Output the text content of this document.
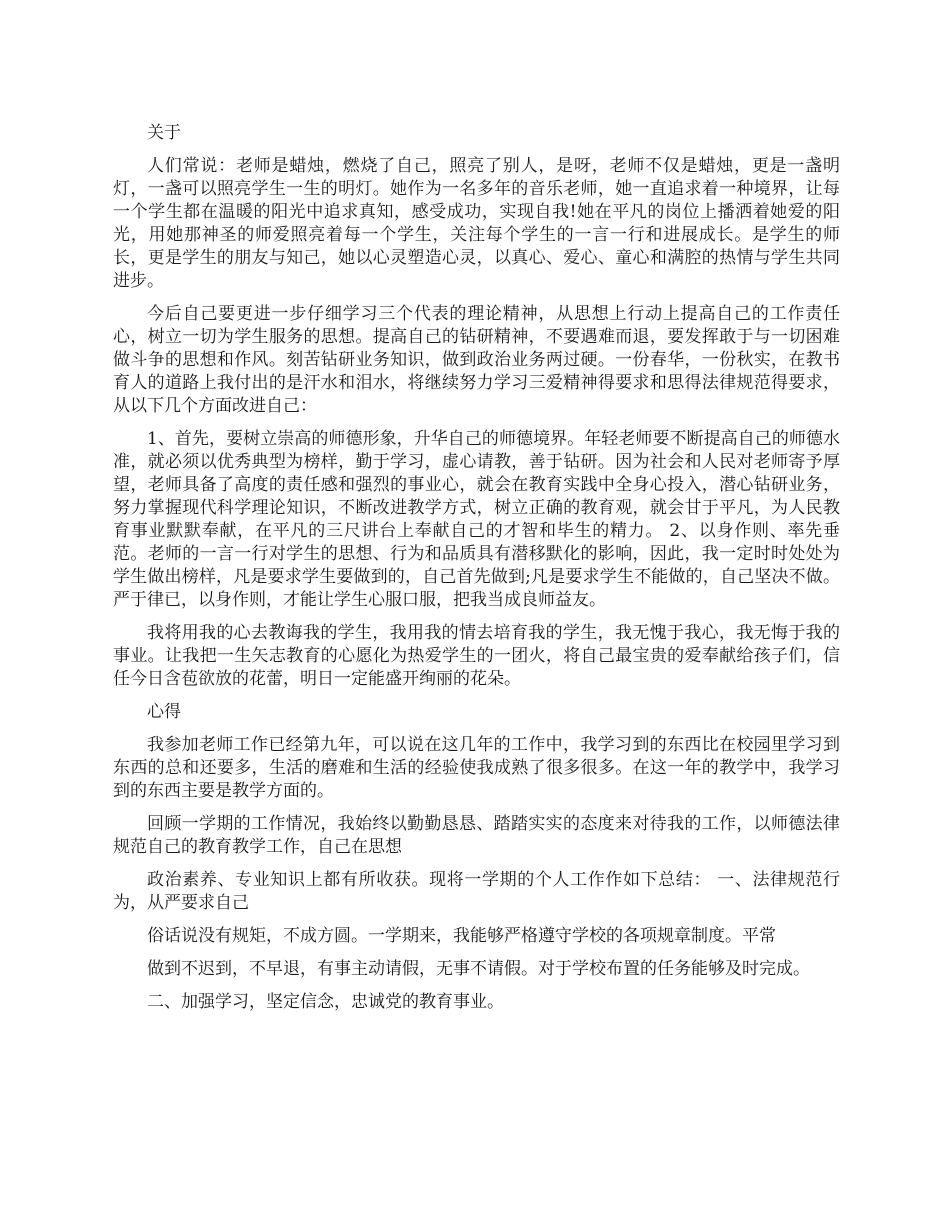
关于

人们常说：老师是蜡烛，燃烧了自己，照亮了别人，是呀，老师不仅是蜡烛，更是一盏明灯，一盏可以照亮学生一生的明灯。她作为一名多年的音乐老师，她一直追求着一种境界，让每一个学生都在温暖的阳光中追求真知，感受成功，实现自我!她在平凡的岗位上播洒着她爱的阳光，用她那神圣的师爱照亮着每一个学生，关注每个学生的一言一行和进展成长。是学生的师长，更是学生的朋友与知己，她以心灵塑造心灵，以真心、爱心、童心和满腔的热情与学生共同进步。

今后自己要更进一步仔细学习三个代表的理论精神，从思想上行动上提高自己的工作责任心，树立一切为学生服务的思想。提高自己的钻研精神，不要遇难而退，要发挥敢于与一切困难做斗争的思想和作风。刻苦钻研业务知识，做到政治业务两过硬。一份春华，一份秋实，在教书育人的道路上我付出的是汗水和泪水，将继续努力学习三爱精神得要求和思得法律规范得要求，从以下几个方面改进自己：

1、首先，要树立崇高的师德形象，升华自己的师德境界。年轻老师要不断提高自己的师德水准，就必须以优秀典型为榜样，勤于学习，虚心请教，善于钻研。因为社会和人民对老师寄予厚望，老师具备了高度的责任感和强烈的事业心，就会在教育实践中全身心投入，潜心钻研业务，努力掌握现代科学理论知识，不断改进教学方式，树立正确的教育观，就会甘于平凡，为人民教育事业默默奉献，在平凡的三尺讲台上奉献自己的才智和毕生的精力。 2、以身作则、率先垂范。老师的一言一行对学生的思想、行为和品质具有潜移默化的影响，因此，我一定时时处处为学生做出榜样，凡是要求学生要做到的，自己首先做到;凡是要求学生不能做的，自己坚决不做。严于律已，以身作则，才能让学生心服口服，把我当成良师益友。

我将用我的心去教诲我的学生，我用我的情去培育我的学生，我无愧于我心，我无悔于我的事业。让我把一生矢志教育的心愿化为热爱学生的一团火，将自己最宝贵的爱奉献给孩子们，信任今日含苞欲放的花蕾，明日一定能盛开绚丽的花朵。

心得

我参加老师工作已经第九年，可以说在这几年的工作中，我学习到的东西比在校园里学习到东西的总和还要多，生活的磨难和生活的经验使我成熟了很多很多。在这一年的教学中，我学习到的东西主要是教学方面的。

回顾一学期的工作情况，我始终以勤勤恳恳、踏踏实实的态度来对待我的工作，以师德法律规范自己的教育教学工作，自己在思想

政治素养、专业知识上都有所收获。现将一学期的个人工作作如下总结： 一、法律规范行为，从严要求自己

俗话说没有规矩，不成方圆。一学期来，我能够严格遵守学校的各项规章制度。平常

做到不迟到，不早退，有事主动请假，无事不请假。对于学校布置的任务能够及时完成。

二、加强学习，坚定信念，忠诚党的教育事业。
